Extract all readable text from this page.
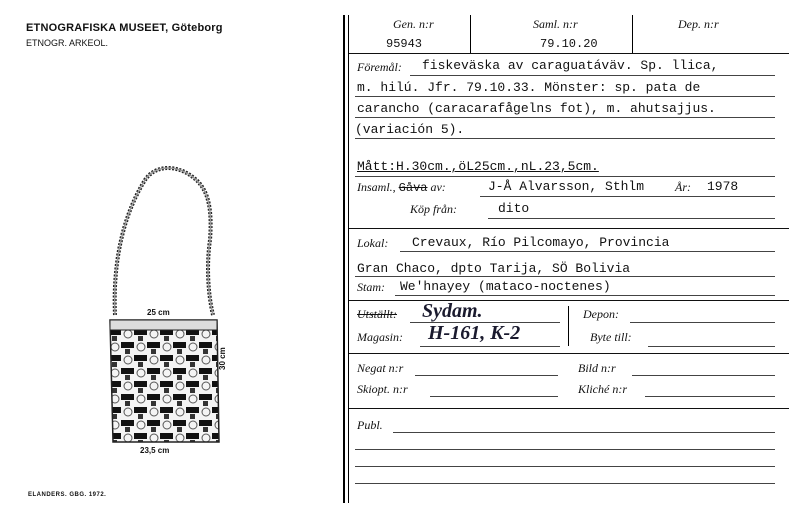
ETNOGRAFISKA MUSEET, Göteborg
ETNOGR. ARKEOL.
25 cm
23,5 cm
30 cm
ELANDERS. GBG. 1972.
Gen. n:r
95943
Saml. n:r
79.10.20
Dep. n:r
Föremål: fiskeväska av caraguatáväv. Sp. llica,
m. hilú. Jfr. 79.10.33. Mönster: sp. pata de
carancho (caracarafågelns fot), m. ahutsajjus.
(variación 5).
Mått:H.30cm.,öL25cm.,nL.23,5cm.
Insaml., Gåva av:	J-Å Alvarsson, Sthlm	År: 1978
Köp från:	dito
Lokal: Crevaux, Río Pilcomayo, Provincia
Gran Chaco, dpto Tarija, SÖ Bolivia
Stam: We'hnayey (mataco-noctenes)
Utställt: Sydam.
Magasin: H-161, K-2
Depon:
Byte till:
Negat n:r	Bild n:r
Skiopt. n:r	Kliché n:r
Publ.
